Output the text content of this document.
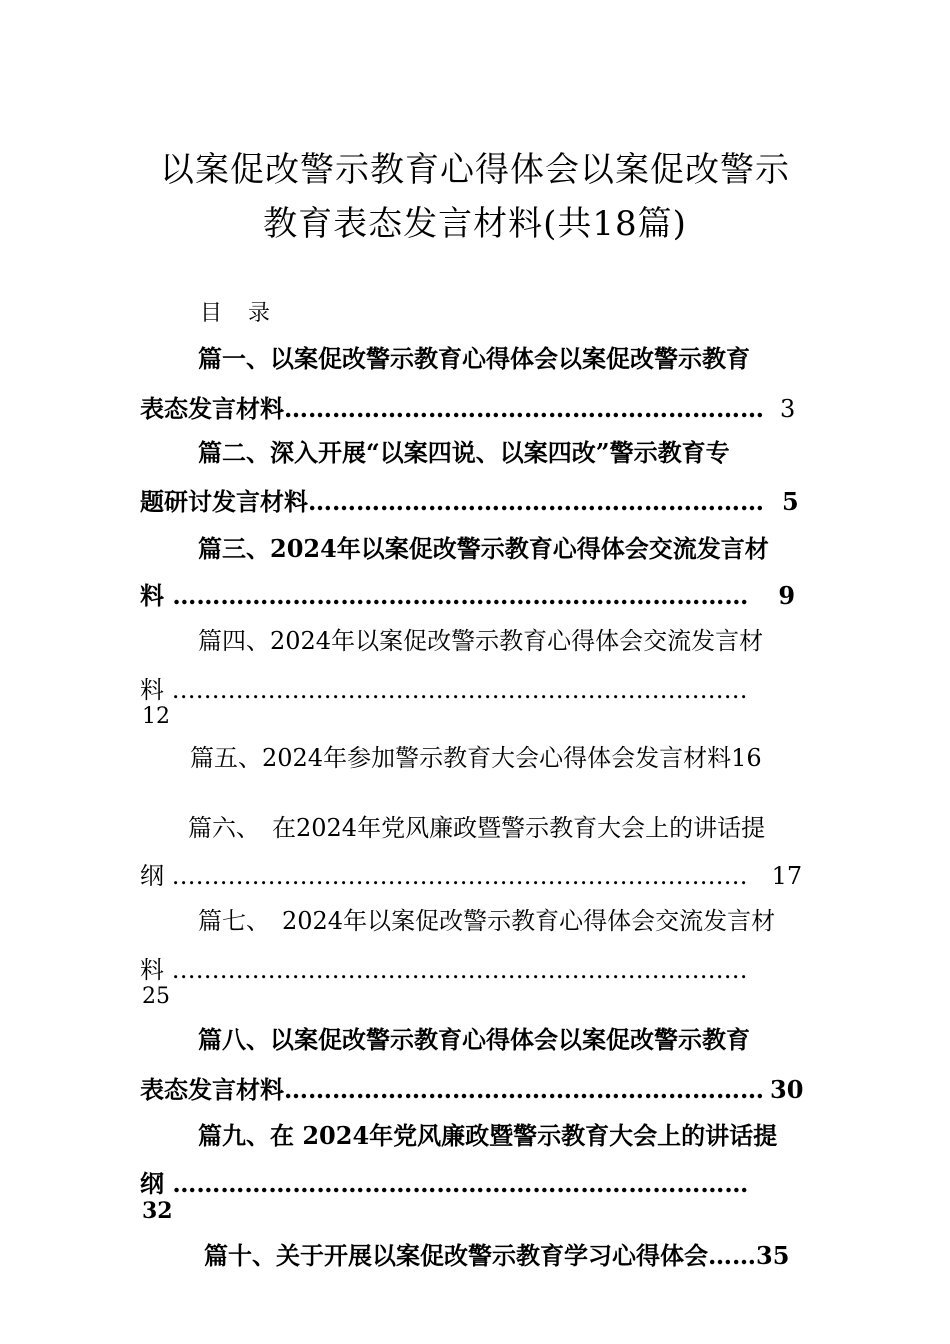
以案促改警示教育心得体会以案促改警示
教育表态发言材料(共18篇)
目录
篇一、以案促改警示教育心得体会以案促改警示教育
表态发言材料…………………………………………………… 3
篇二、深入开展“以案四说、以案四改”警示教育专
题研讨发言材料………………………………………………… 5
篇三、2024年以案促改警示教育心得体会交流发言材
料 ……………………………………………………………… 9
篇四、2024年以案促改警示教育心得体会交流发言材
料 ………………………………………………………………
12
篇五、2024年参加警示教育大会心得体会发言材料16
篇六、　在2024年党风廉政暨警示教育大会上的讲话提
纲 ……………………………………………………………… 17
篇七、　2024年以案促改警示教育心得体会交流发言材
料 ………………………………………………………………
25
篇八、以案促改警示教育心得体会以案促改警示教育
表态发言材料…………………………………………………… 30
篇九、在 2024年党风廉政暨警示教育大会上的讲话提
纲 ………………………………………………………………
32
篇十、关于开展以案促改警示教育学习心得体会……35
